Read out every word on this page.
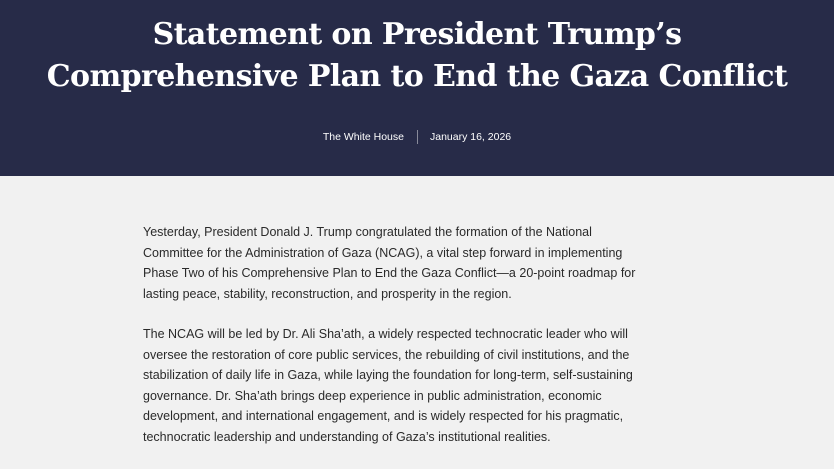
Statement on President Trump’s
Comprehensive Plan to End the Gaza Conflict
The White House January 16, 2026

Yesterday, President Donald J. Trump congratulated the formation of the National
Committee for the Administration of Gaza (NCAG), a vital step forward in implementing
Phase Two of his Comprehensive Plan to End the Gaza Conflict—a 20-point roadmap for
lasting peace, stability, reconstruction, and prosperity in the region.

The NCAG will be led by Dr. Ali Sha’ath, a widely respected technocratic leader who will
oversee the restoration of core public services, the rebuilding of civil institutions, and the
stabilization of daily life in Gaza, while laying the foundation for long-term, self-sustaining
governance. Dr. Sha’ath brings deep experience in public administration, economic
development, and international engagement, and is widely respected for his pragmatic,
technocratic leadership and understanding of Gaza’s institutional realities.
